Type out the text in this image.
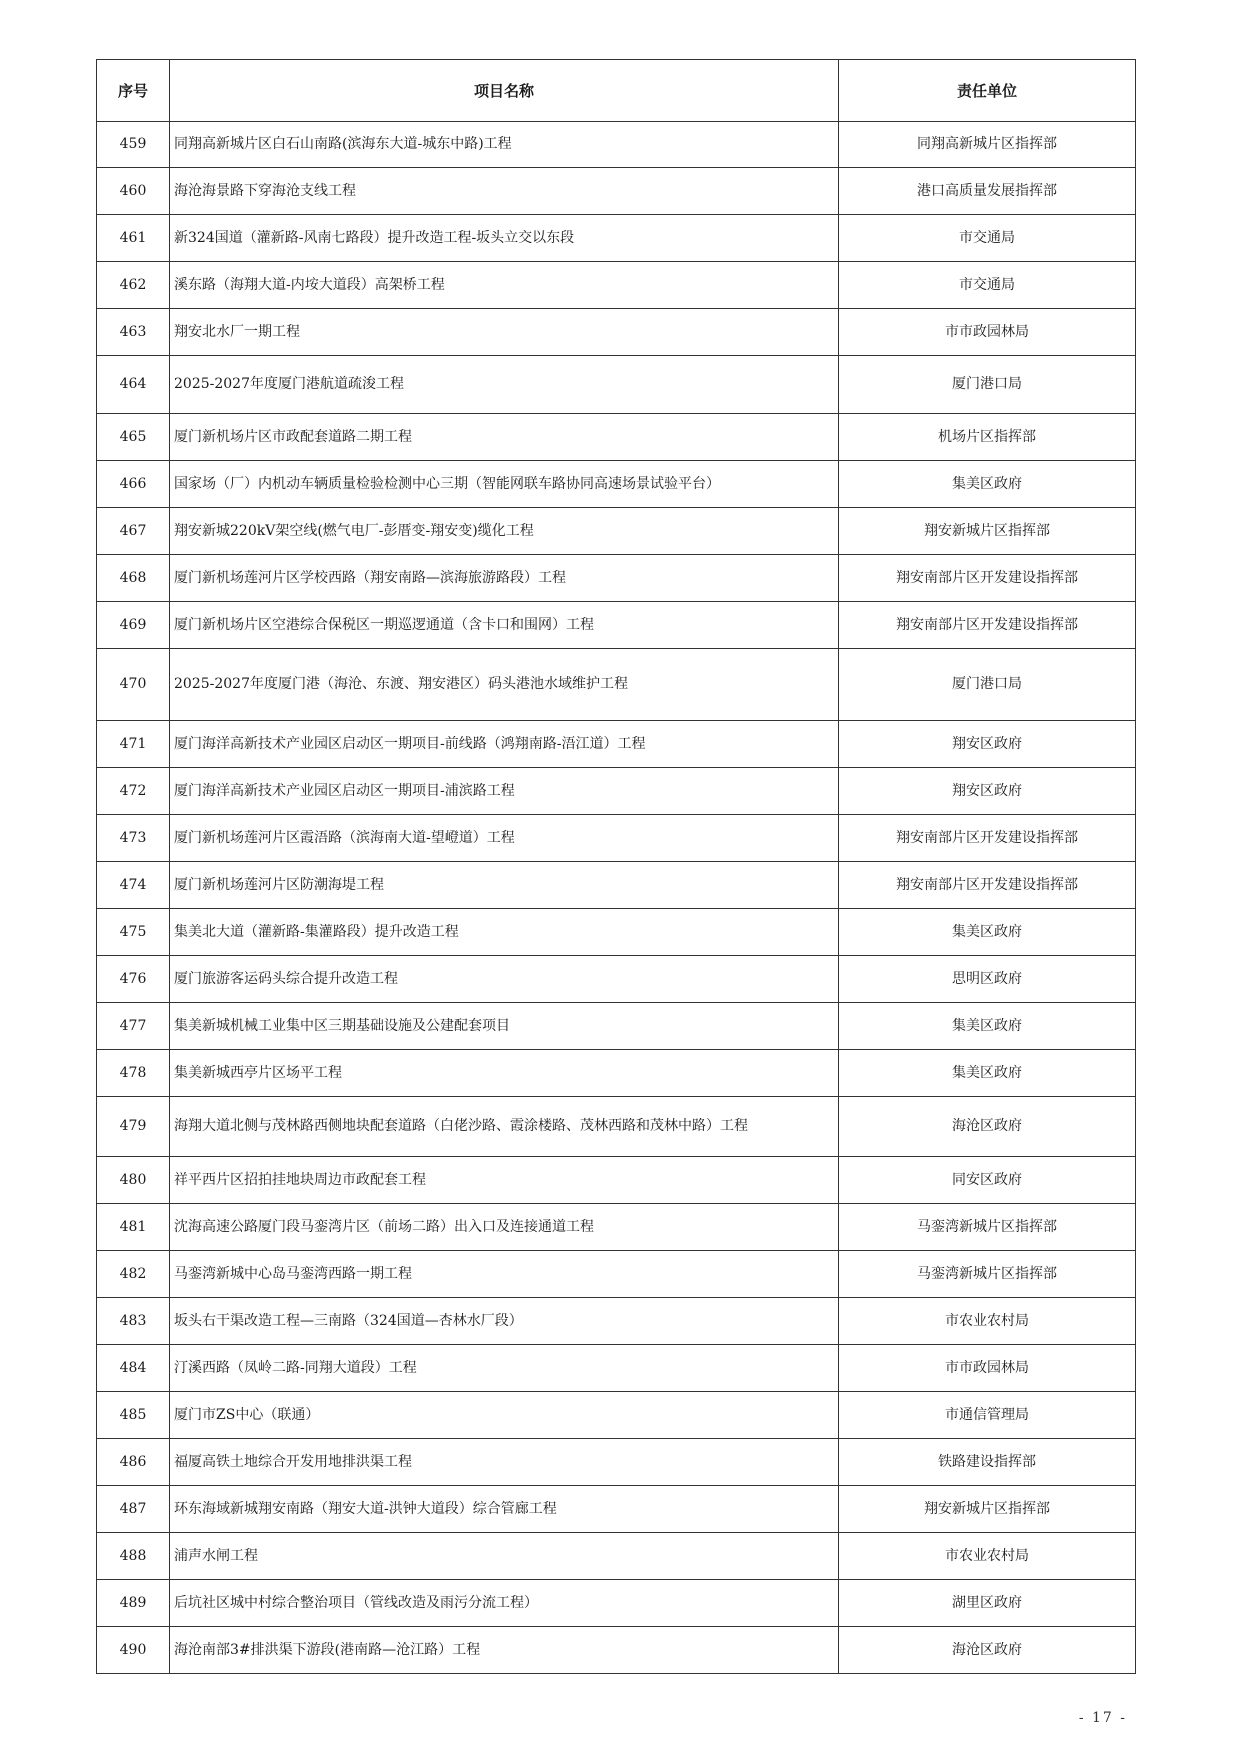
序号	项目名称	责任单位
459	同翔高新城片区白石山南路(滨海东大道-城东中路)工程	同翔高新城片区指挥部
460	海沧海景路下穿海沧支线工程	港口高质量发展指挥部
461	新324国道（灌新路-风南七路段）提升改造工程-坂头立交以东段	市交通局
462	溪东路（海翔大道-内垵大道段）高架桥工程	市交通局
463	翔安北水厂一期工程	市市政园林局
464	2025-2027年度厦门港航道疏浚工程	厦门港口局
465	厦门新机场片区市政配套道路二期工程	机场片区指挥部
466	国家场（厂）内机动车辆质量检验检测中心三期（智能网联车路协同高速场景试验平台）	集美区政府
467	翔安新城220kV架空线(燃气电厂-彭厝变-翔安变)缆化工程	翔安新城片区指挥部
468	厦门新机场莲河片区学校西路（翔安南路—滨海旅游路段）工程	翔安南部片区开发建设指挥部
469	厦门新机场片区空港综合保税区一期巡逻通道（含卡口和围网）工程	翔安南部片区开发建设指挥部
470	2025-2027年度厦门港（海沧、东渡、翔安港区）码头港池水域维护工程	厦门港口局
471	厦门海洋高新技术产业园区启动区一期项目-前线路（鸿翔南路-浯江道）工程	翔安区政府
472	厦门海洋高新技术产业园区启动区一期项目-浦滨路工程	翔安区政府
473	厦门新机场莲河片区霞浯路（滨海南大道-望嶝道）工程	翔安南部片区开发建设指挥部
474	厦门新机场莲河片区防潮海堤工程	翔安南部片区开发建设指挥部
475	集美北大道（灌新路-集灌路段）提升改造工程	集美区政府
476	厦门旅游客运码头综合提升改造工程	思明区政府
477	集美新城机械工业集中区三期基础设施及公建配套项目	集美区政府
478	集美新城西亭片区场平工程	集美区政府
479	海翔大道北侧与茂林路西侧地块配套道路（白佬沙路、霞涂楼路、茂林西路和茂林中路）工程	海沧区政府
480	祥平西片区招拍挂地块周边市政配套工程	同安区政府
481	沈海高速公路厦门段马銮湾片区（前场二路）出入口及连接通道工程	马銮湾新城片区指挥部
482	马銮湾新城中心岛马銮湾西路一期工程	马銮湾新城片区指挥部
483	坂头右干渠改造工程—三南路（324国道—杏林水厂段）	市农业农村局
484	汀溪西路（凤岭二路-同翔大道段）工程	市市政园林局
485	厦门市ZS中心（联通）	市通信管理局
486	福厦高铁土地综合开发用地排洪渠工程	铁路建设指挥部
487	环东海域新城翔安南路（翔安大道-洪钟大道段）综合管廊工程	翔安新城片区指挥部
488	浦声水闸工程	市农业农村局
489	后坑社区城中村综合整治项目（管线改造及雨污分流工程）	湖里区政府
490	海沧南部3#排洪渠下游段(港南路—沧江路）工程	海沧区政府
- 17 -
